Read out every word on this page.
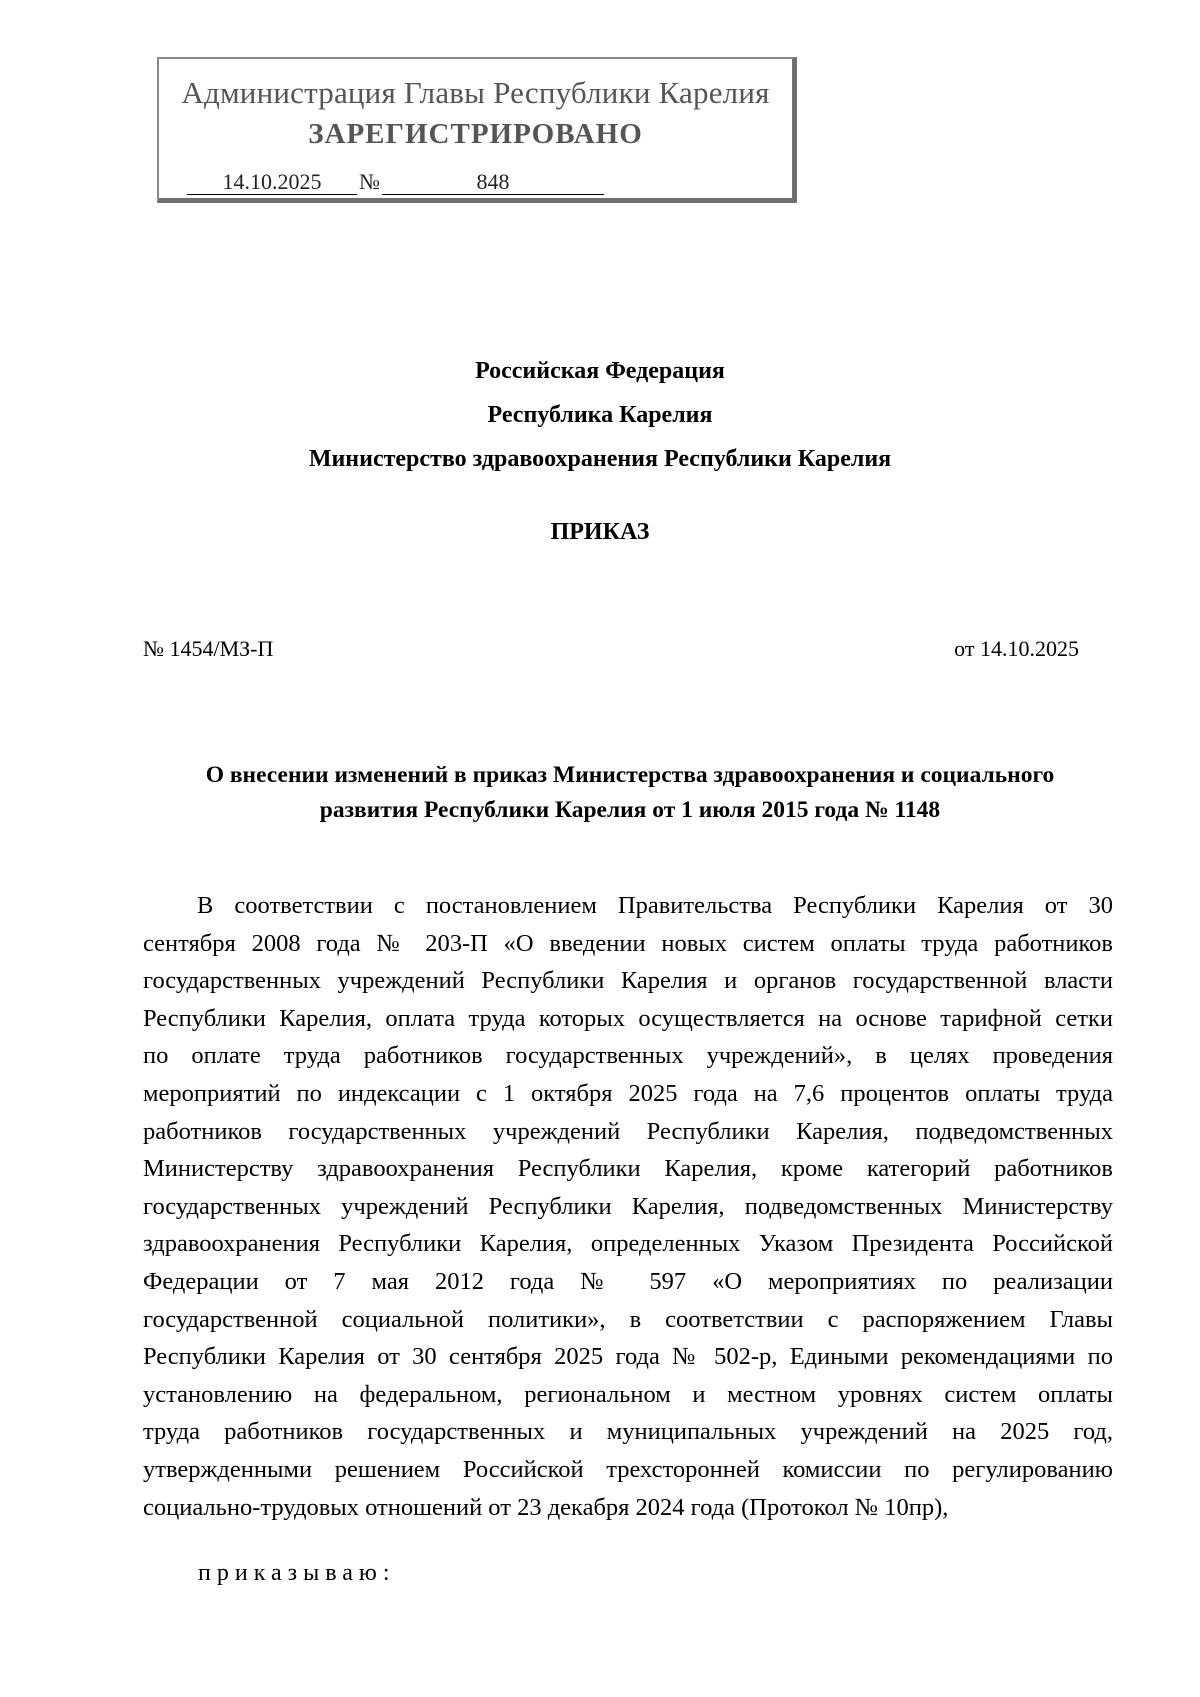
Администрация Главы Республики Карелия
ЗАРЕГИСТРИРОВАНО
14.10.2025 №	848
Российская Федерация
Республика Карелия
Министерство здравоохранения Республики Карелия
ПРИКАЗ
№ 1454/МЗ-П	от 14.10.2025
О внесении изменений в приказ Министерства здравоохранения и социального
развития Республики Карелия от 1 июля 2015 года № 1148
В соответствии с постановлением Правительства Республики Карелия от 30
сентября 2008 года № 203-П «О введении новых систем оплаты труда работников
государственных учреждений Республики Карелия и органов государственной власти
Республики Карелия, оплата труда которых осуществляется на основе тарифной сетки
по оплате труда работников государственных учреждений», в целях проведения
мероприятий по индексации с 1 октября 2025 года на 7,6 процентов оплаты труда
работников государственных учреждений Республики Карелия, подведомственных
Министерству здравоохранения Республики Карелия, кроме категорий работников
государственных учреждений Республики Карелия, подведомственных Министерству
здравоохранения Республики Карелия, определенных Указом Президента Российской
Федерации от 7 мая 2012 года № 597 «О мероприятиях по реализации
государственной социальной политики», в соответствии с распоряжением Главы
Республики Карелия от 30 сентября 2025 года № 502-р, Едиными рекомендациями по
установлению на федеральном, региональном и местном уровнях систем оплаты
труда работников государственных и муниципальных учреждений на 2025 год,
утвержденными решением Российской трехсторонней комиссии по регулированию
социально-трудовых отношений от 23 декабря 2024 года (Протокол № 10пр),
приказываю:
